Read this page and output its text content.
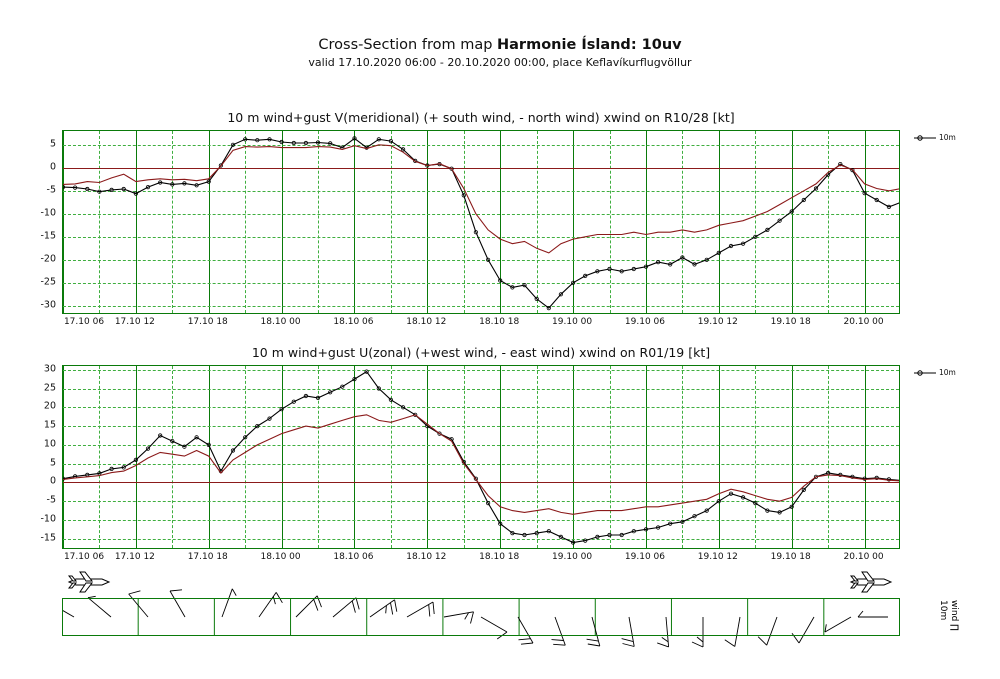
Cross-Section from map Harmonie Ísland: 10uv
valid 17.10.2020 06:00 - 20.10.2020 00:00, place Keflavíkurflugvöllur
10 m wind+gust V(meridional) (+ south wind, - north wind) xwind on R10/28 [kt]
10m
5
0
-5
-10
-15
-20
-25
-30
17.10 06 17.10 12	17.10 18	18.10 00	18.10 06	18.10 12	18.10 18	19.10 00	19.10 06	19.10 12	19.10 18	20.10 00
10 m wind+gust U(zonal) (+west wind, - east wind) xwind on R01/19 [kt]
10m
30
25
20
15
10
5
0
-5
-10
-15
17.10 06 17.10 12	17.10 18	18.10 00	18.10 06	18.10 12	18.10 18	19.10 00	19.10 06	19.10 12	19.10 18	20.10 00
10m wind ∏
